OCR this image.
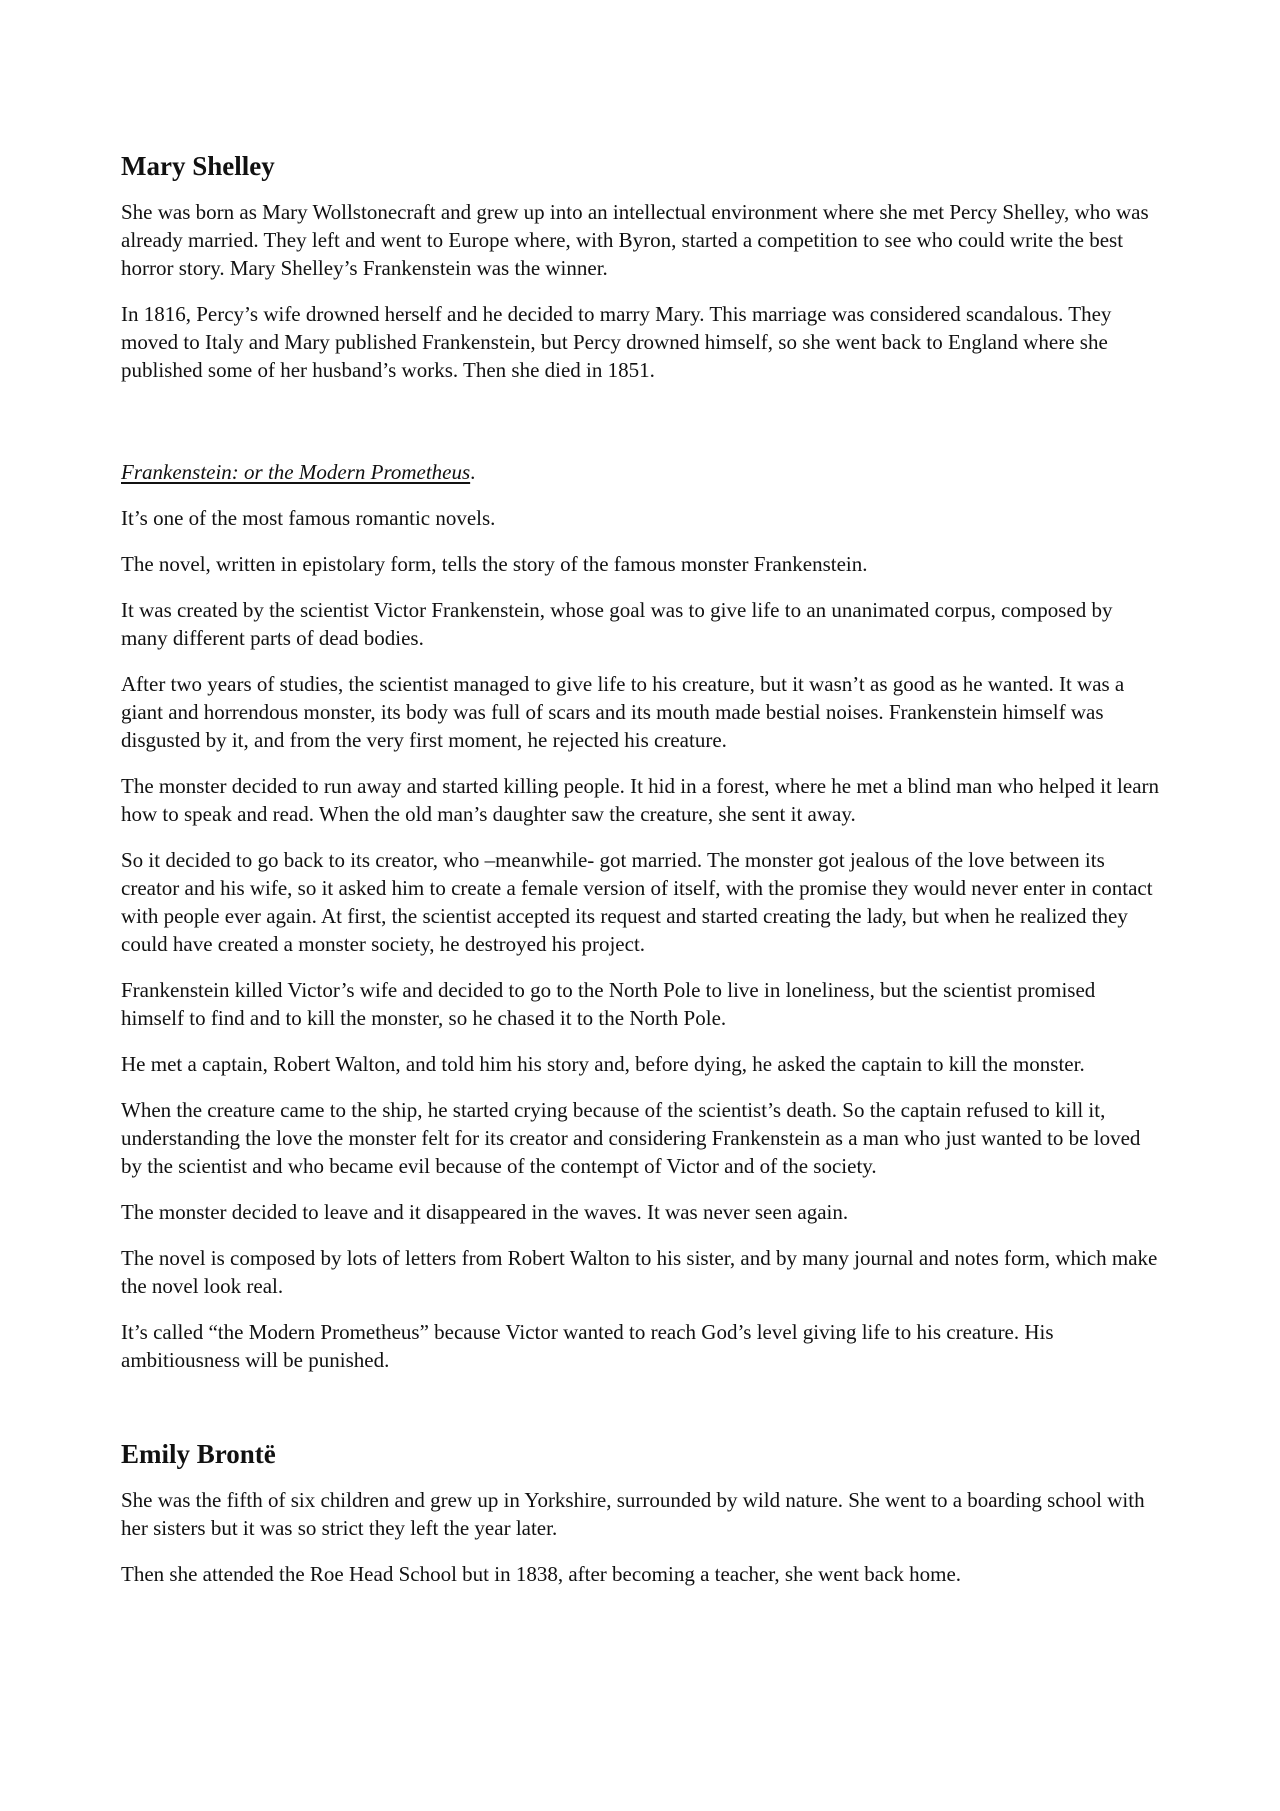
Mary Shelley

She was born as Mary Wollstonecraft and grew up into an intellectual environment where she met Percy Shelley, who was already married. They left and went to Europe where, with Byron, started a competition to see who could write the best horror story. Mary Shelley’s Frankenstein was the winner.

In 1816, Percy’s wife drowned herself and he decided to marry Mary. This marriage was considered scandalous. They moved to Italy and Mary published Frankenstein, but Percy drowned himself, so she went back to England where she published some of her husband’s works. Then she died in 1851.

Frankenstein: or the Modern Prometheus.

It’s one of the most famous romantic novels.

The novel, written in epistolary form, tells the story of the famous monster Frankenstein.

It was created by the scientist Victor Frankenstein, whose goal was to give life to an unanimated corpus, composed by many different parts of dead bodies.

After two years of studies, the scientist managed to give life to his creature, but it wasn’t as good as he wanted. It was a giant and horrendous monster, its body was full of scars and its mouth made bestial noises. Frankenstein himself was disgusted by it, and from the very first moment, he rejected his creature.

The monster decided to run away and started killing people. It hid in a forest, where he met a blind man who helped it learn how to speak and read. When the old man’s daughter saw the creature, she sent it away.

So it decided to go back to its creator, who –meanwhile- got married. The monster got jealous of the love between its creator and his wife, so it asked him to create a female version of itself, with the promise they would never enter in contact with people ever again. At first, the scientist accepted its request and started creating the lady, but when he realized they could have created a monster society, he destroyed his project.

Frankenstein killed Victor’s wife and decided to go to the North Pole to live in loneliness, but the scientist promised himself to find and to kill the monster, so he chased it to the North Pole.

He met a captain, Robert Walton, and told him his story and, before dying, he asked the captain to kill the monster.

When the creature came to the ship, he started crying because of the scientist’s death. So the captain refused to kill it, understanding the love the monster felt for its creator and considering Frankenstein as a man who just wanted to be loved by the scientist and who became evil because of the contempt of Victor and of the society.

The monster decided to leave and it disappeared in the waves. It was never seen again.

The novel is composed by lots of letters from Robert Walton to his sister, and by many journal and notes form, which make the novel look real.

It’s called “the Modern Prometheus” because Victor wanted to reach God’s level giving life to his creature. His ambitiousness will be punished.

Emily Brontë

She was the fifth of six children and grew up in Yorkshire, surrounded by wild nature. She went to a boarding school with her sisters but it was so strict they left the year later.

Then she attended the Roe Head School but in 1838, after becoming a teacher, she went back home.
